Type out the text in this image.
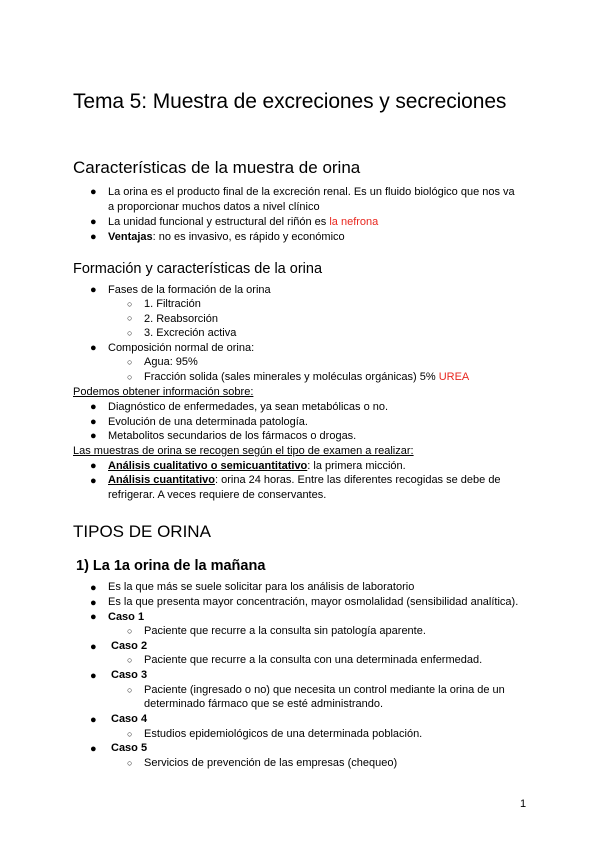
Tema 5: Muestra de excreciones y secreciones
Características de la muestra de orina
● La orina es el producto final de la excreción renal. Es un fluido biológico que nos va
a proporcionar muchos datos a nivel clínico
● La unidad funcional y estructural del riñón es la nefrona
● Ventajas: no es invasivo, es rápido y económico
Formación y características de la orina
● Fases de la formación de la orina
○ 1. Filtración
○ 2. Reabsorción
○ 3. Excreción activa
● Composición normal de orina:
○ Agua: 95%
○ Fracción solida (sales minerales y moléculas orgánicas) 5% UREA
Podemos obtener información sobre:
● Diagnóstico de enfermedades, ya sean metabólicas o no.
● Evolución de una determinada patología.
● Metabolitos secundarios de los fármacos o drogas.
Las muestras de orina se recogen según el tipo de examen a realizar:
● Análisis cualitativo o semicuantitativo: la primera micción.
● Análisis cuantitativo: orina 24 horas. Entre las diferentes recogidas se debe de
refrigerar. A veces requiere de conservantes.
TIPOS DE ORINA
1) La 1a orina de la mañana
● Es la que más se suele solicitar para los análisis de laboratorio
● Es la que presenta mayor concentración, mayor osmolalidad (sensibilidad analítica).
● Caso 1
○ Paciente que recurre a la consulta sin patología aparente.
● Caso 2
○ Paciente que recurre a la consulta con una determinada enfermedad.
● Caso 3
○ Paciente (ingresado o no) que necesita un control mediante la orina de un
determinado fármaco que se esté administrando.
● Caso 4
○ Estudios epidemiológicos de una determinada población.
● Caso 5
○ Servicios de prevención de las empresas (chequeo)
1
